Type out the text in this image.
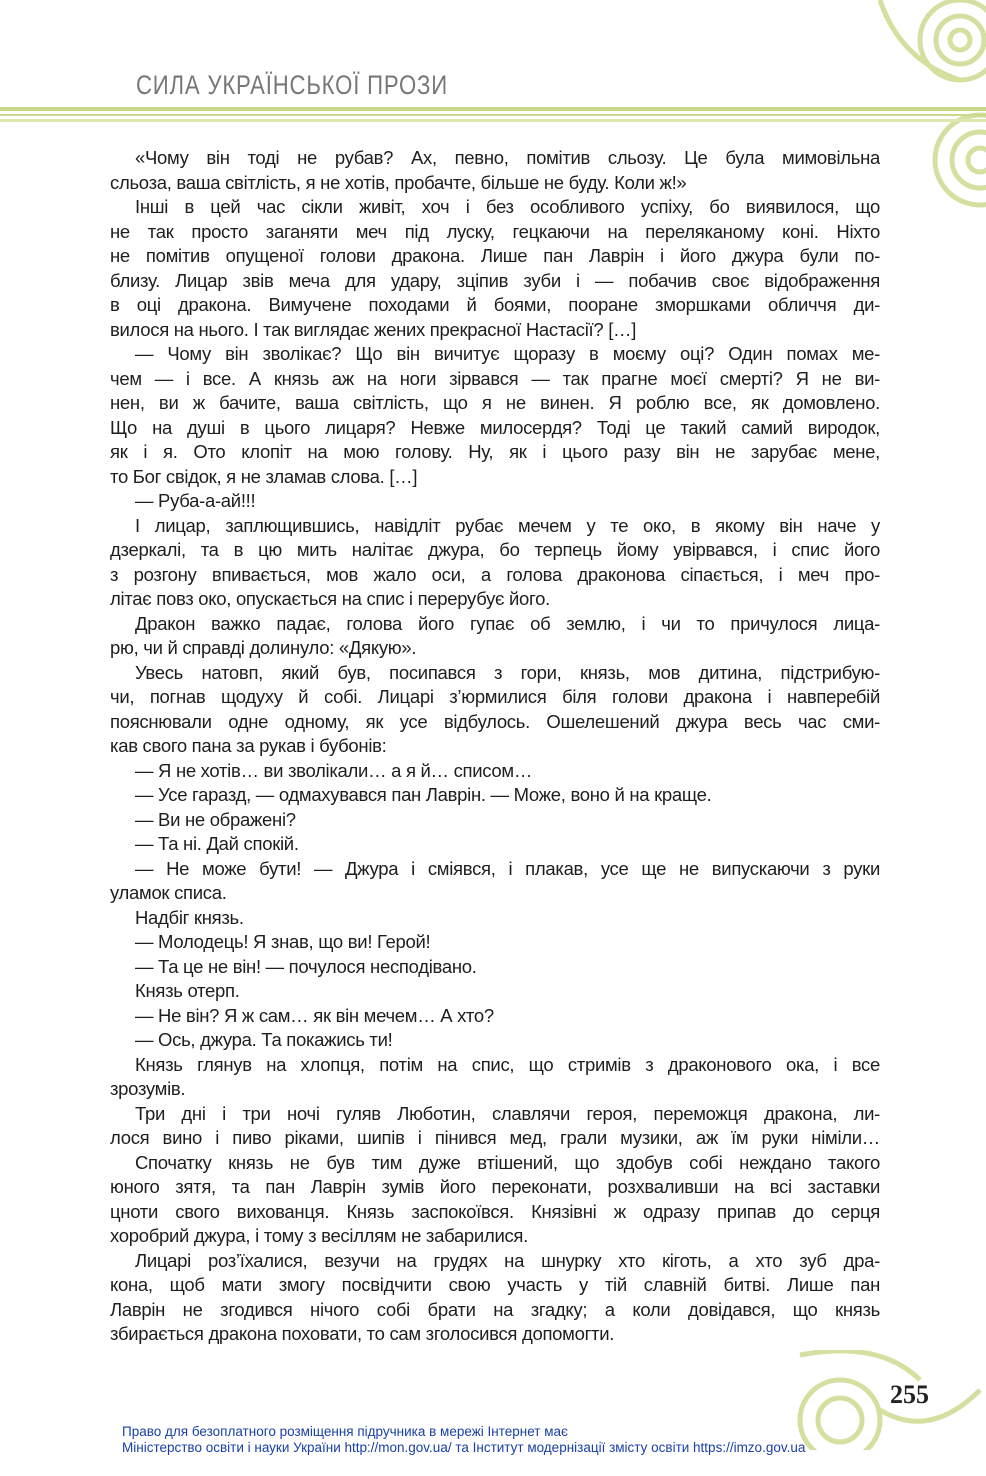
СИЛА УКРАЇНСЬКОЇ ПРОЗИ
«Чому він тоді не рубав? Ах, певно, помітив сльозу. Це була мимовільна
сльоза, ваша світлість, я не хотів, пробачте, більше не буду. Коли ж!»
Інші в цей час сікли живіт, хоч і без особливого успіху, бо виявилося, що
не так просто заганяти меч під луску, гецкаючи на переляканому коні. Ніхто
не помітив опущеної голови дракона. Лише пан Лаврін і його джура були по-
близу. Лицар звів меча для удару, зціпив зуби і — побачив своє відображення
в оці дракона. Вимучене походами й боями, пооране зморшками обличчя ди-
вилося на нього. І так виглядає жених прекрасної Настасії? […]
— Чому він зволікає? Що він вичитує щоразу в моєму оці? Один помах ме-
чем — і все. А князь аж на ноги зірвався — так прагне моєї смерті? Я не ви-
нен, ви ж бачите, ваша світлість, що я не винен. Я роблю все, як домовлено.
Що на душі в цього лицаря? Невже милосердя? Тоді це такий самий виродок,
як і я. Ото клопіт на мою голову. Ну, як і цього разу він не зарубає мене,
то Бог свідок, я не зламав слова. […]
— Руба-а-ай!!!
І лицар, заплющившись, навідліт рубає мечем у те око, в якому він наче у
дзеркалі, та в цю мить налітає джура, бо терпець йому увірвався, і спис його
з розгону впивається, мов жало оси, а голова драконова сіпається, і меч про-
літає повз око, опускається на спис і перерубує його.
Дракон важко падає, голова його гупає об землю, і чи то причулося лица-
рю, чи й справді долинуло: «Дякую».
Увесь натовп, який був, посипався з гори, князь, мов дитина, підстрибую-
чи, погнав щодуху й собі. Лицарі з’юрмилися біля голови дракона і навперебій
пояснювали одне одному, як усе відбулось. Ошелешений джура весь час сми-
кав свого пана за рукав і бубонів:
— Я не хотів… ви зволікали… а я й… списом…
— Усе гаразд, — одмахувався пан Лаврін. — Може, воно й на краще.
— Ви не ображені?
— Та ні. Дай спокій.
— Не може бути! — Джура і сміявся, і плакав, усе ще не випускаючи з руки
уламок списа.
Надбіг князь.
— Молодець! Я знав, що ви! Герой!
— Та це не він! — почулося несподівано.
Князь отерп.
— Не він? Я ж сам… як він мечем… А хто?
— Ось, джура. Та покажись ти!
Князь глянув на хлопця, потім на спис, що стримів з драконового ока, і все
зрозумів.
Три дні і три ночі гуляв Люботин, славлячи героя, переможця дракона, ли-
лося вино і пиво ріками, шипів і пінився мед, грали музики, аж їм руки німіли…
Спочатку князь не був тим дуже втішений, що здобув собі неждано такого
юного зятя, та пан Лаврін зумів його переконати, розхваливши на всі заставки
цноти свого вихованця. Князь заспокоївся. Князівні ж одразу припав до серця
хоробрий джура, і тому з весіллям не забарилися.
Лицарі роз’їхалися, везучи на грудях на шнурку хто кіготь, а хто зуб дра-
кона, щоб мати змогу посвідчити свою участь у тій славній битві. Лише пан
Лаврін не згодився нічого собі брати на згадку; а коли довідався, що князь
збирається дракона поховати, то сам зголосився допомогти.
255
Право для безоплатного розміщення підручника в мережі Інтернет має
Міністерство освіти і науки України http://mon.gov.ua/ та Інститут модернізації змісту освіти https://imzo.gov.ua
